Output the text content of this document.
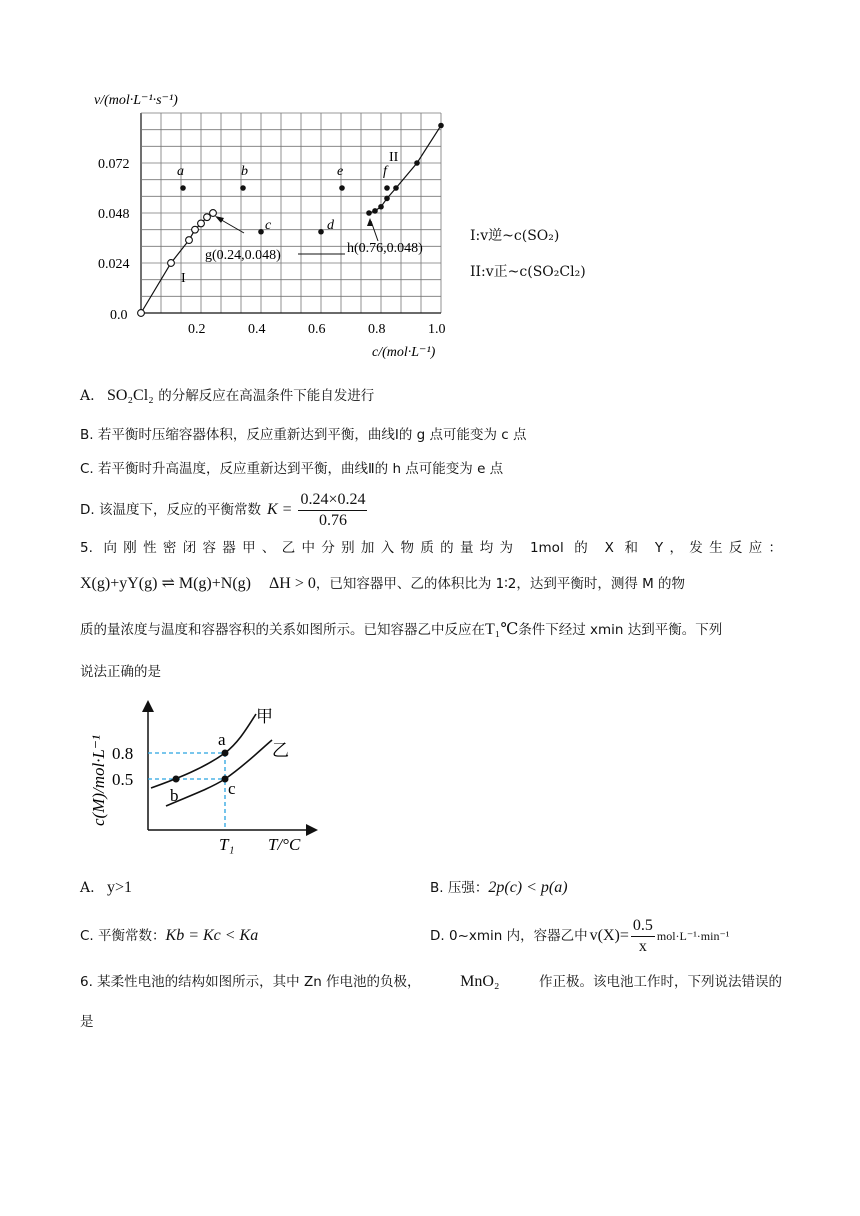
v/(mol·L⁻¹·s⁻¹)
0.072
0.048
0.024
0.0
0.2	0.4	0.6	0.8	1.0
c/(mol·L⁻¹)
a	b
c	d
e	f
I
II
g(0.24,0.048)	h(0.76,0.048)
I:v逆~c(SO₂)
II:v正~c(SO₂Cl₂)
A. SO₂Cl₂ 的分解反应在高温条件下能自发进行
B. 若平衡时压缩容器体积，反应重新达到平衡，曲线Ⅰ的 g 点可能变为 c 点
C. 若平衡时升高温度，反应重新达到平衡，曲线Ⅱ的 h 点可能变为 e 点
D. 该温度下，反应的平衡常数 $K = \frac{0.24\times 0.24}{0.76}$
5. 向刚性密闭容器甲、乙中分别加入物质的量均为 1mol 的 X 和 Y，发生反应：
X(g)+yY(g) ⇌ M(g)+N(g) ΔH > 0 ，已知容器甲、乙的体积比为 1∶2，达到平衡时，测得 M 的物
质的量浓度与温度和容器容积的关系如图所示。已知容器乙中反应在 T₁℃ 条件下经过 xmin 达到平衡。下列
说法正确的是
c(M)/mol·L⁻¹ 0.8
0.5
a
b	c
甲
乙
T₁ T/°C
A. y>1	B. 压强： 2p(c) < p(a)
C. 平衡常数： Kb = Kc < Ka	D. 0~xmin 内，容器乙中 $v(X)= \frac{0.5}{x} mol\cdot L^{-1}\cdot\min^{-1}$
6. 某柔性电池的结构如图所示，其中 Zn 作电池的负极， MnO₂	作正极。该电池工作时，下列说法错误的
是
